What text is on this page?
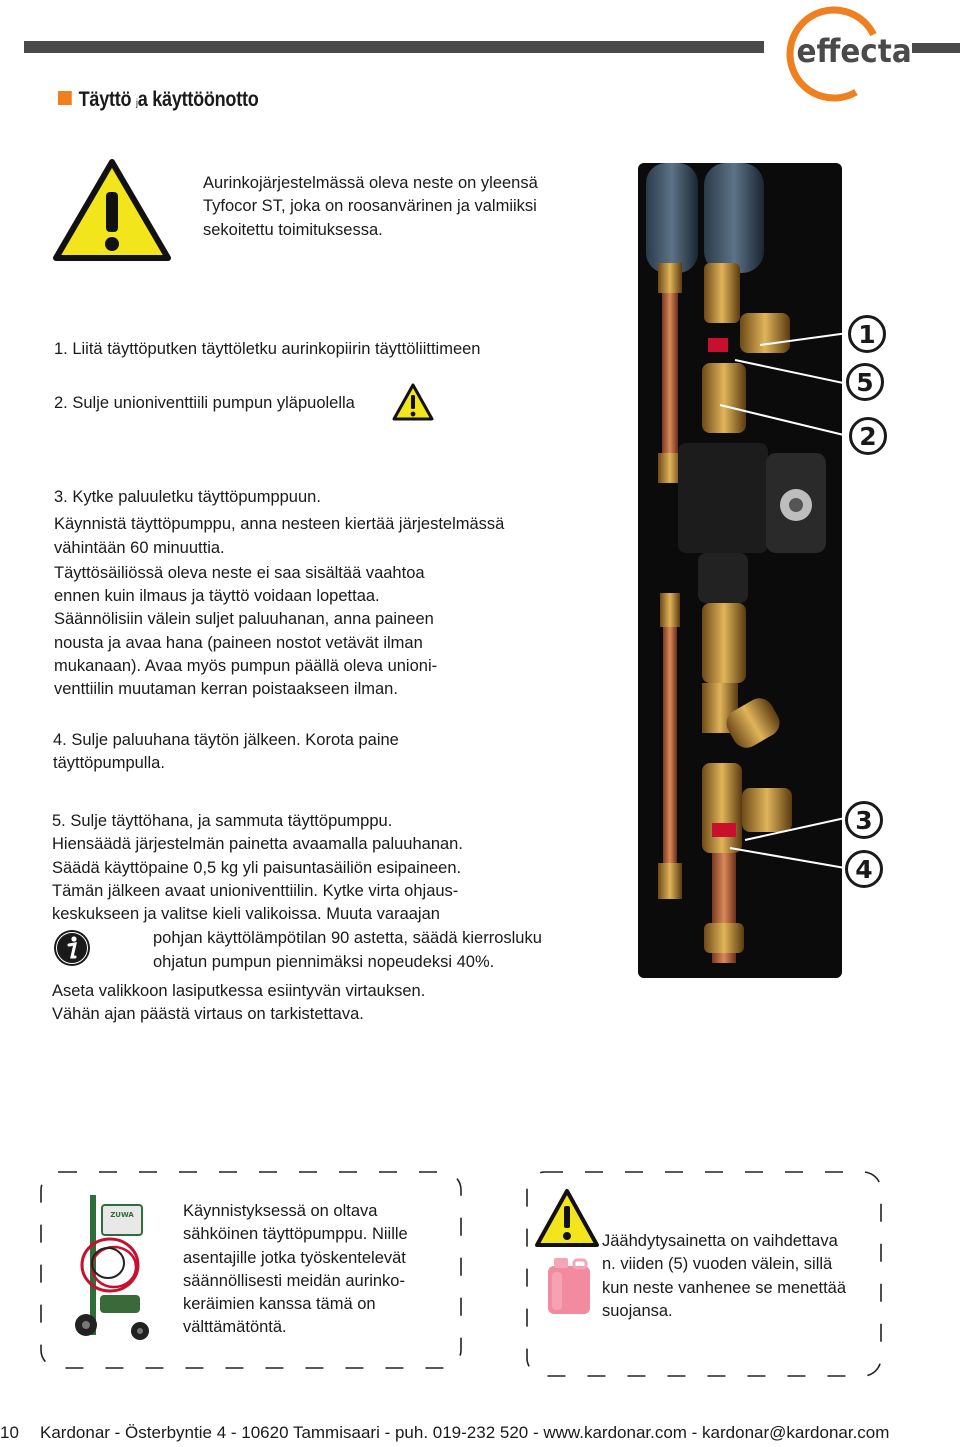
effecta
Täyttö ja käyttöönotto
Aurinkojärjestelmässä oleva neste on yleensä
Tyfocor ST, joka on roosanvärinen ja valmiiksi
sekoitettu toimituksessa.
1. Liitä täyttöputken täyttöletku aurinkopiirin täyttöliittimeen
2. Sulje unioniventtiili pumpun yläpuolella
3. Kytke paluuletku täyttöpumppuun.
Käynnistä täyttöpumppu, anna nesteen kiertää järjestelmässä
vähintään 60 minuuttia.
Täyttösäiliössä oleva neste ei saa sisältää vaahtoa
ennen kuin ilmaus ja täyttö voidaan lopettaa.
Säännölisiin välein suljet paluuhanan, anna paineen
nousta ja avaa hana (paineen nostot vetävät ilman
mukanaan). Avaa myös pumpun päällä oleva unioni-
venttiilin muutaman kerran poistaakseen ilman.
4. Sulje paluuhana täytön jälkeen. Korota paine
täyttöpumpulla.
5. Sulje täyttöhana, ja sammuta täyttöpumppu.
Hiensäädä järjestelmän painetta avaamalla paluuhanan.
Säädä käyttöpaine 0,5 kg yli paisuntasäiliön esipaineen.
Tämän jälkeen avaat unioniventtiilin. Kytke virta ohjaus-
keskukseen ja valitse kieli valikoissa. Muuta varaajan
pohjan käyttölämpötilan 90 astetta, säädä kierrosluku
ohjatun pumpun piennimäksi nopeudeksi 40%.
Aseta valikkoon lasiputkessa esiintyvän virtauksen.
Vähän ajan päästä virtaus on tarkistettava.
1
5
2
3
4
ZUWA	Käynnistyksessä on oltava
sähköinen täyttöpumppu. Niille
asentajille jotka työskentelevät
säännöllisesti meidän aurinko-
keräimien kanssa tämä on
välttämätöntä.
Jäähdytysainetta on vaihdettava
n. viiden (5) vuoden välein, sillä
kun neste vanhenee se menettää
suojansa.
10 Kardonar - Österbyntie 4 - 10620 Tammisaari - puh. 019-232 520 - www.kardonar.com - kardonar@kardonar.com
